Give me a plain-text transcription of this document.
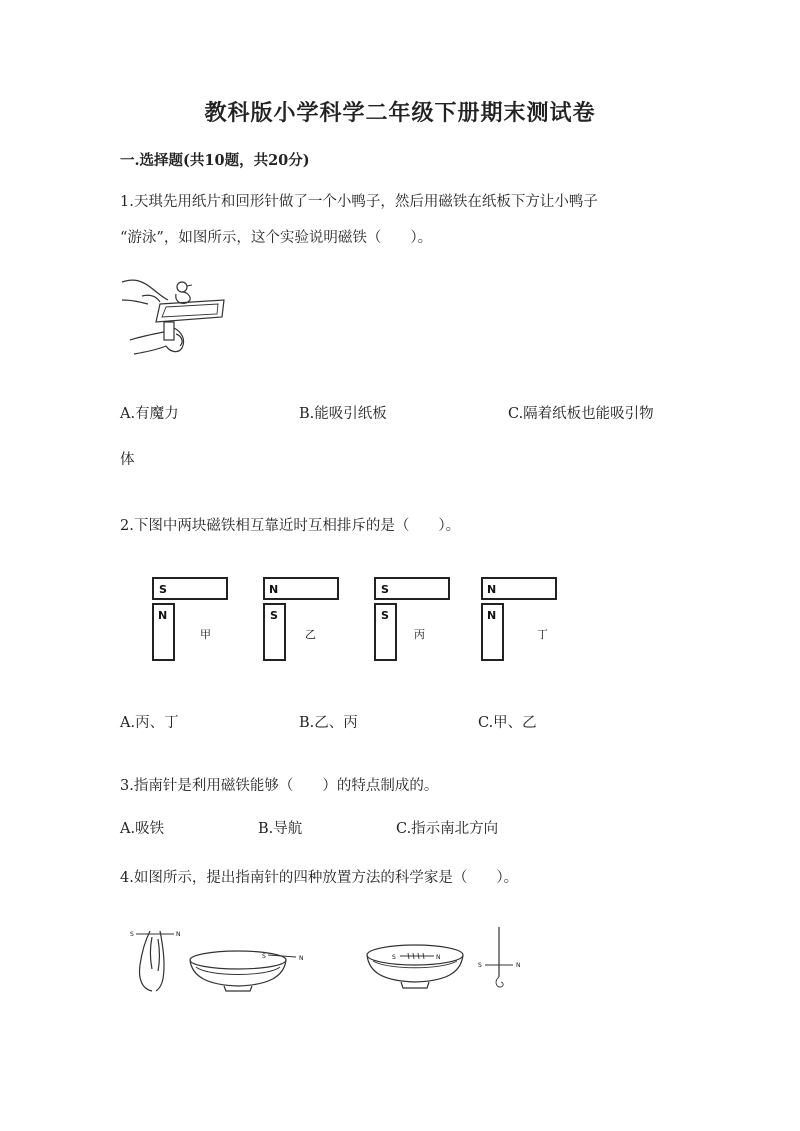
教科版小学科学二年级下册期末测试卷
一.选择题(共10题，共20分)
1.天琪先用纸片和回形针做了一个小鸭子，然后用磁铁在纸板下方让小鸭子
“游泳”，如图所示，这个实验说明磁铁（　　）。
A.有魔力	B.能吸引纸板	C.隔着纸板也能吸引物
体
2.下图中两块磁铁相互靠近时互相排斥的是（　　）。
S
N
甲
N
S
乙
S
S
丙
N
N
丁
A.丙、丁	B.乙、丙	C.甲、乙
3.指南针是利用磁铁能够（　　）的特点制成的。
A.吸铁	B.导航	C.指示南北方向
4.如图所示，提出指南针的四种放置方法的科学家是（　　）。
S	N
S	N	S	N
S	N
